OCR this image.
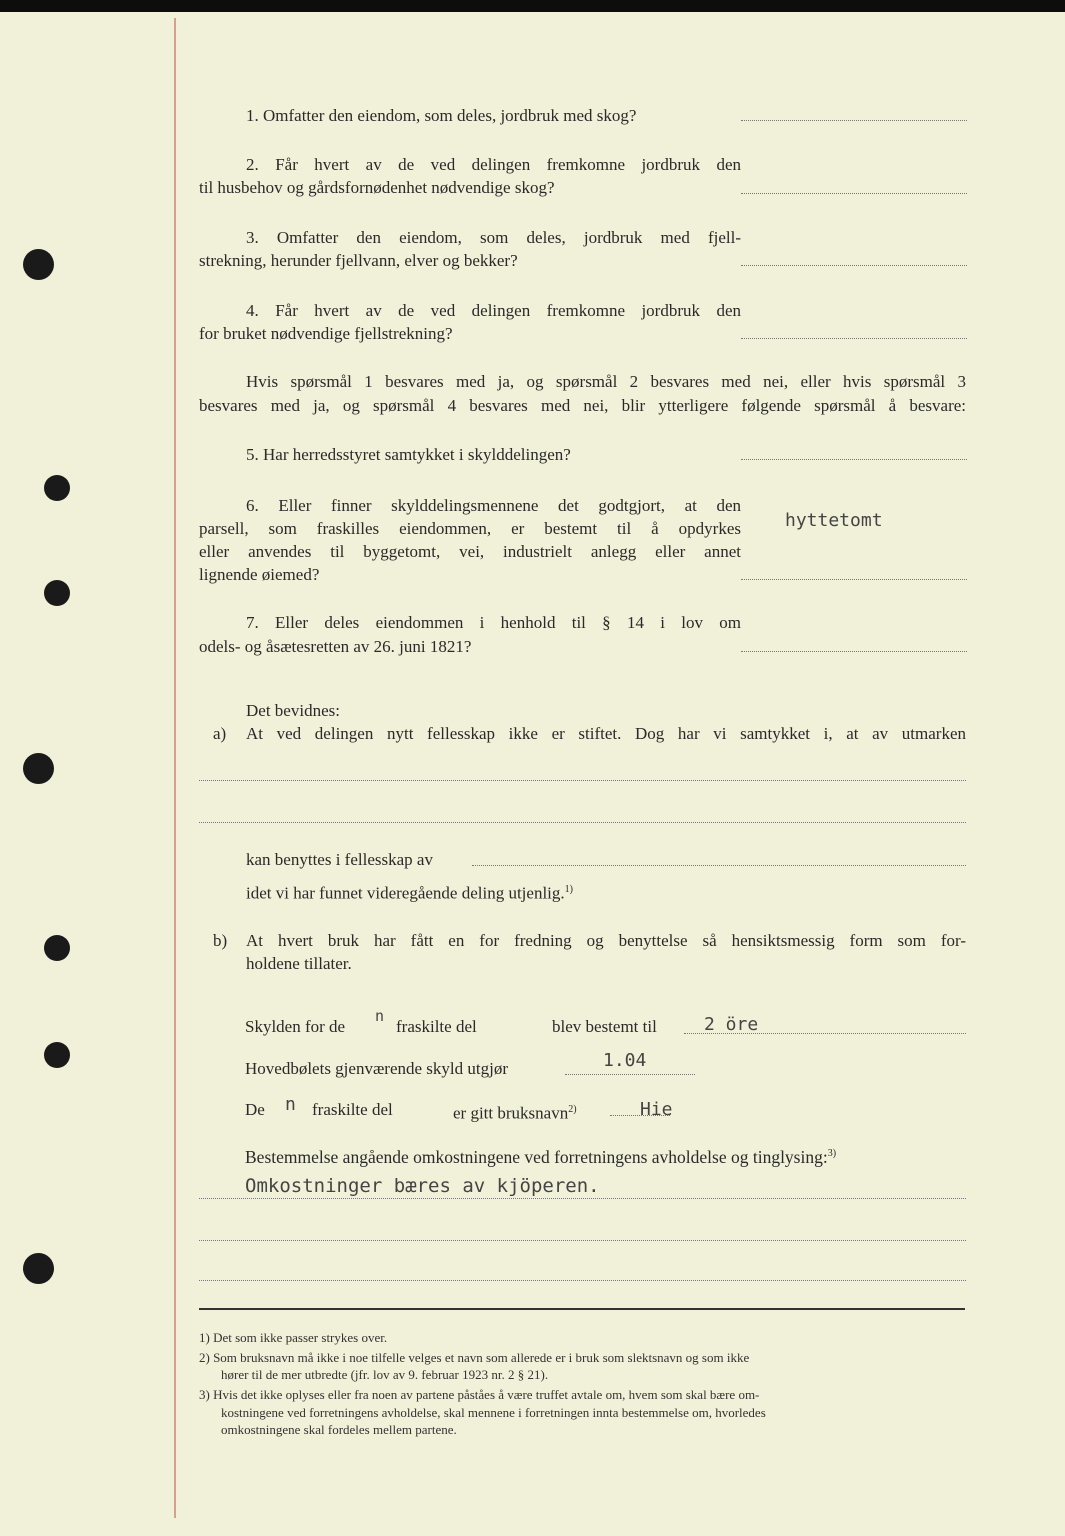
1. Omfatter den eiendom, som deles, jordbruk med skog?
2. Får hvert av de ved delingen fremkomne jordbruk den
til husbehov og gårdsfornødenhet nødvendige skog?
3. Omfatter den eiendom, som deles, jordbruk med fjell-
strekning, herunder fjellvann, elver og bekker?
4. Får hvert av de ved delingen fremkomne jordbruk den
for bruket nødvendige fjellstrekning?
Hvis spørsmål 1 besvares med ja, og spørsmål 2 besvares med nei, eller hvis spørsmål 3
besvares med ja, og spørsmål 4 besvares med nei, blir ytterligere følgende spørsmål å besvare:
5. Har herredsstyret samtykket i skylddelingen?
6. Eller finner skylddelingsmennene det godtgjort, at den
parsell, som fraskilles eiendommen, er bestemt til å opdyrkes
eller anvendes til byggetomt, vei, industrielt anlegg eller annet
lignende øiemed?
hyttetomt
7. Eller deles eiendommen i henhold til § 14 i lov om
odels- og åsætesretten av 26. juni 1821?
Det bevidnes:
a) At ved delingen nytt fellesskap ikke er stiftet. Dog har vi samtykket i, at av utmarken
kan benyttes i fellesskap av
idet vi har funnet videregående deling utjenlig.$^{1)}$
b) At hvert bruk har fått en for fredning og benyttelse så hensiktsmessig form som for-
holdene tillater.
Skylden for de
n
fraskilte del	blev bestemt til	2 öre
Hovedbølets gjenværende skyld utgjør	1.04
De n fraskilte del	er gitt bruksnavn$^{2)}$	Hie
Bestemmelse angående omkostningene ved forretningens avholdelse og tinglysing:$^{3)}$
Omkostninger bæres av kjöperen.
1) Det som ikke passer strykes over.
2) Som bruksnavn må ikke i noe tilfelle velges et navn som allerede er i bruk som slektsnavn og som ikke
hører til de mer utbredte (jfr. lov av 9. februar 1923 nr. 2 § 21).
3) Hvis det ikke oplyses eller fra noen av partene påståes å være truffet avtale om, hvem som skal bære om-
kostningene ved forretningens avholdelse, skal mennene i forretningen innta bestemmelse om, hvorledes
omkostningene skal fordeles mellem partene.
